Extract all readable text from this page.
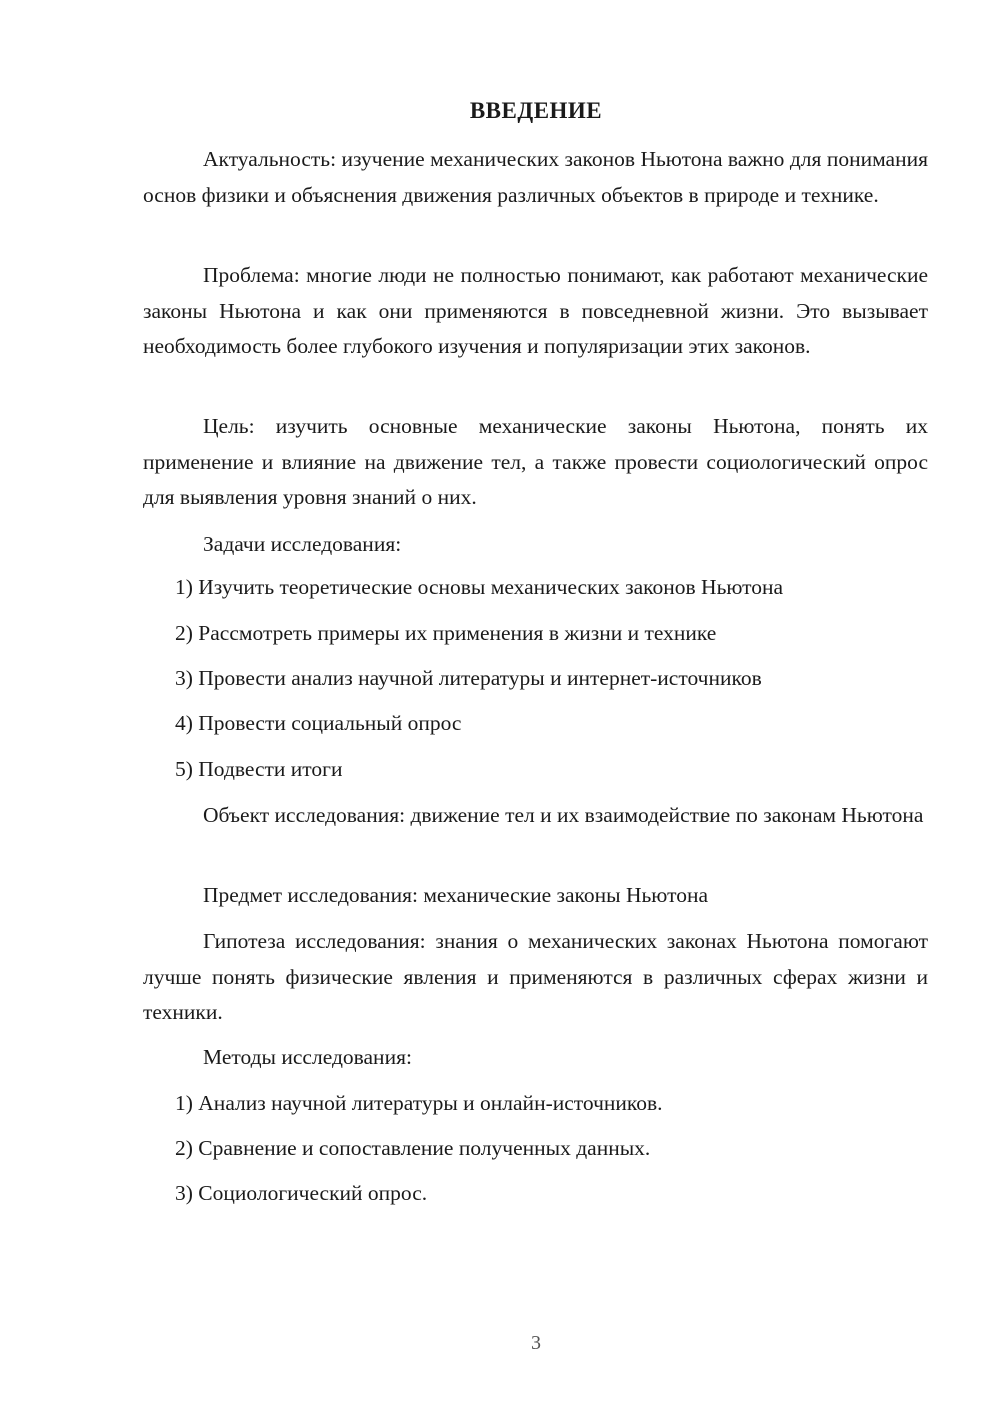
ВВЕДЕНИЕ

Актуальность: изучение механических законов Ньютона важно для понимания основ физики и объяснения движения различных объектов в природе и технике.

Проблема: многие люди не полностью понимают, как работают механические законы Ньютона и как они применяются в повседневной жизни. Это вызывает необходимость более глубокого изучения и популяризации этих законов.

Цель: изучить основные механические законы Ньютона, понять их применение и влияние на движение тел, а также провести социологический опрос для выявления уровня знаний о них.

Задачи исследования:

1) Изучить теоретические основы механических законов Ньютона

2) Рассмотреть примеры их применения в жизни и технике

3) Провести анализ научной литературы и интернет-источников

4) Провести социальный опрос

5) Подвести итоги

Объект исследования: движение тел и их взаимодействие по законам Ньютона

Предмет исследования: механические законы Ньютона

Гипотеза исследования: знания о механических законах Ньютона помогают лучше понять физические явления и применяются в различных сферах жизни и техники.

Методы исследования:

1) Анализ научной литературы и онлайн-источников.

2) Сравнение и сопоставление полученных данных.

3) Социологический опрос.

3
